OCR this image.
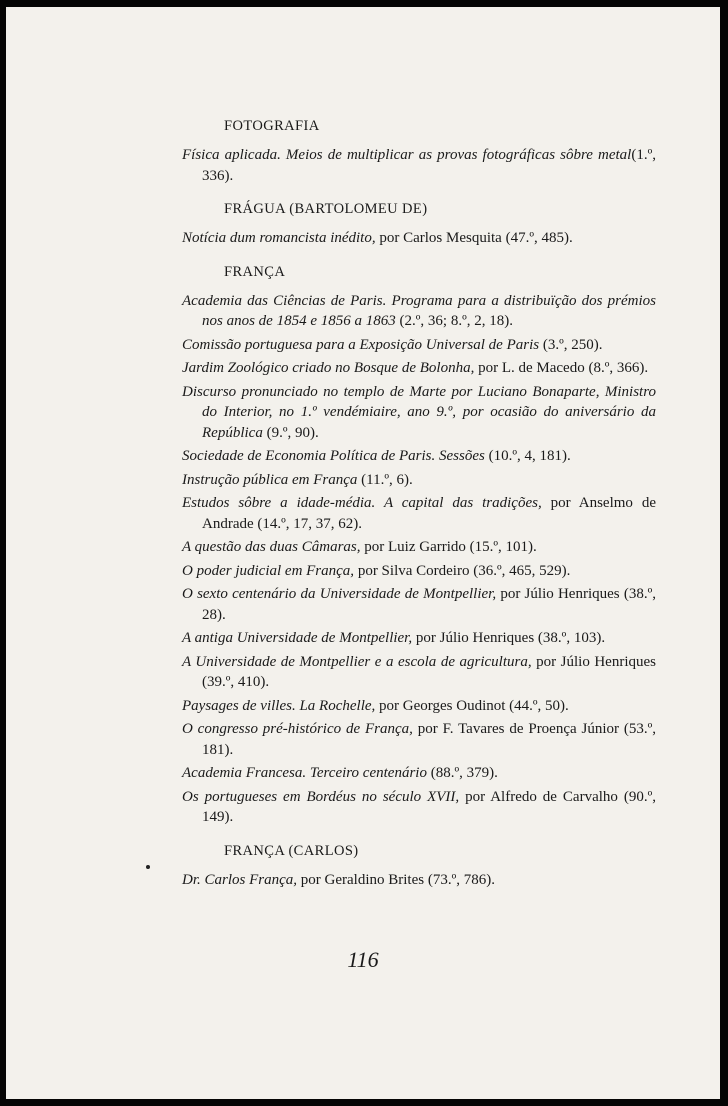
FOTOGRAFIA
Física aplicada. Meios de multiplicar as provas fotográficas sôbre metal(1.º, 336).
FRÁGUA (BARTOLOMEU DE)
Notícia dum romancista inédito, por Carlos Mesquita (47.º, 485).
FRANÇA
Academia das Ciências de Paris. Programa para a distribuïção dos prémios nos anos de 1854 e 1856 a 1863 (2.º, 36; 8.º, 2, 18).
Comissão portuguesa para a Exposição Universal de Paris (3.º, 250).
Jardim Zoológico criado no Bosque de Bolonha, por L. de Macedo (8.º, 366).
Discurso pronunciado no templo de Marte por Luciano Bonaparte, Ministro do Interior, no 1.º vendémiaire, ano 9.º, por ocasião do aniversário da República (9.º, 90).
Sociedade de Economia Política de Paris. Sessões (10.º, 4, 181).
Instrução pública em França (11.º, 6).
Estudos sôbre a idade-média. A capital das tradições, por Anselmo de Andrade (14.º, 17, 37, 62).
A questão das duas Câmaras, por Luiz Garrido (15.º, 101).
O poder judicial em França, por Silva Cordeiro (36.º, 465, 529).
O sexto centenário da Universidade de Montpellier, por Júlio Henriques (38.º, 28).
A antiga Universidade de Montpellier, por Júlio Henriques (38.º, 103).
A Universidade de Montpellier e a escola de agricultura, por Júlio Henriques (39.º, 410).
Paysages de villes. La Rochelle, por Georges Oudinot (44.º, 50).
O congresso pré-histórico de França, por F. Tavares de Proença Júnior (53.º, 181).
Academia Francesa. Terceiro centenário (88.º, 379).
Os portugueses em Bordéus no século XVII, por Alfredo de Carvalho (90.º, 149).
FRANÇA (CARLOS)
Dr. Carlos França, por Geraldino Brites (73.º, 786).
116
